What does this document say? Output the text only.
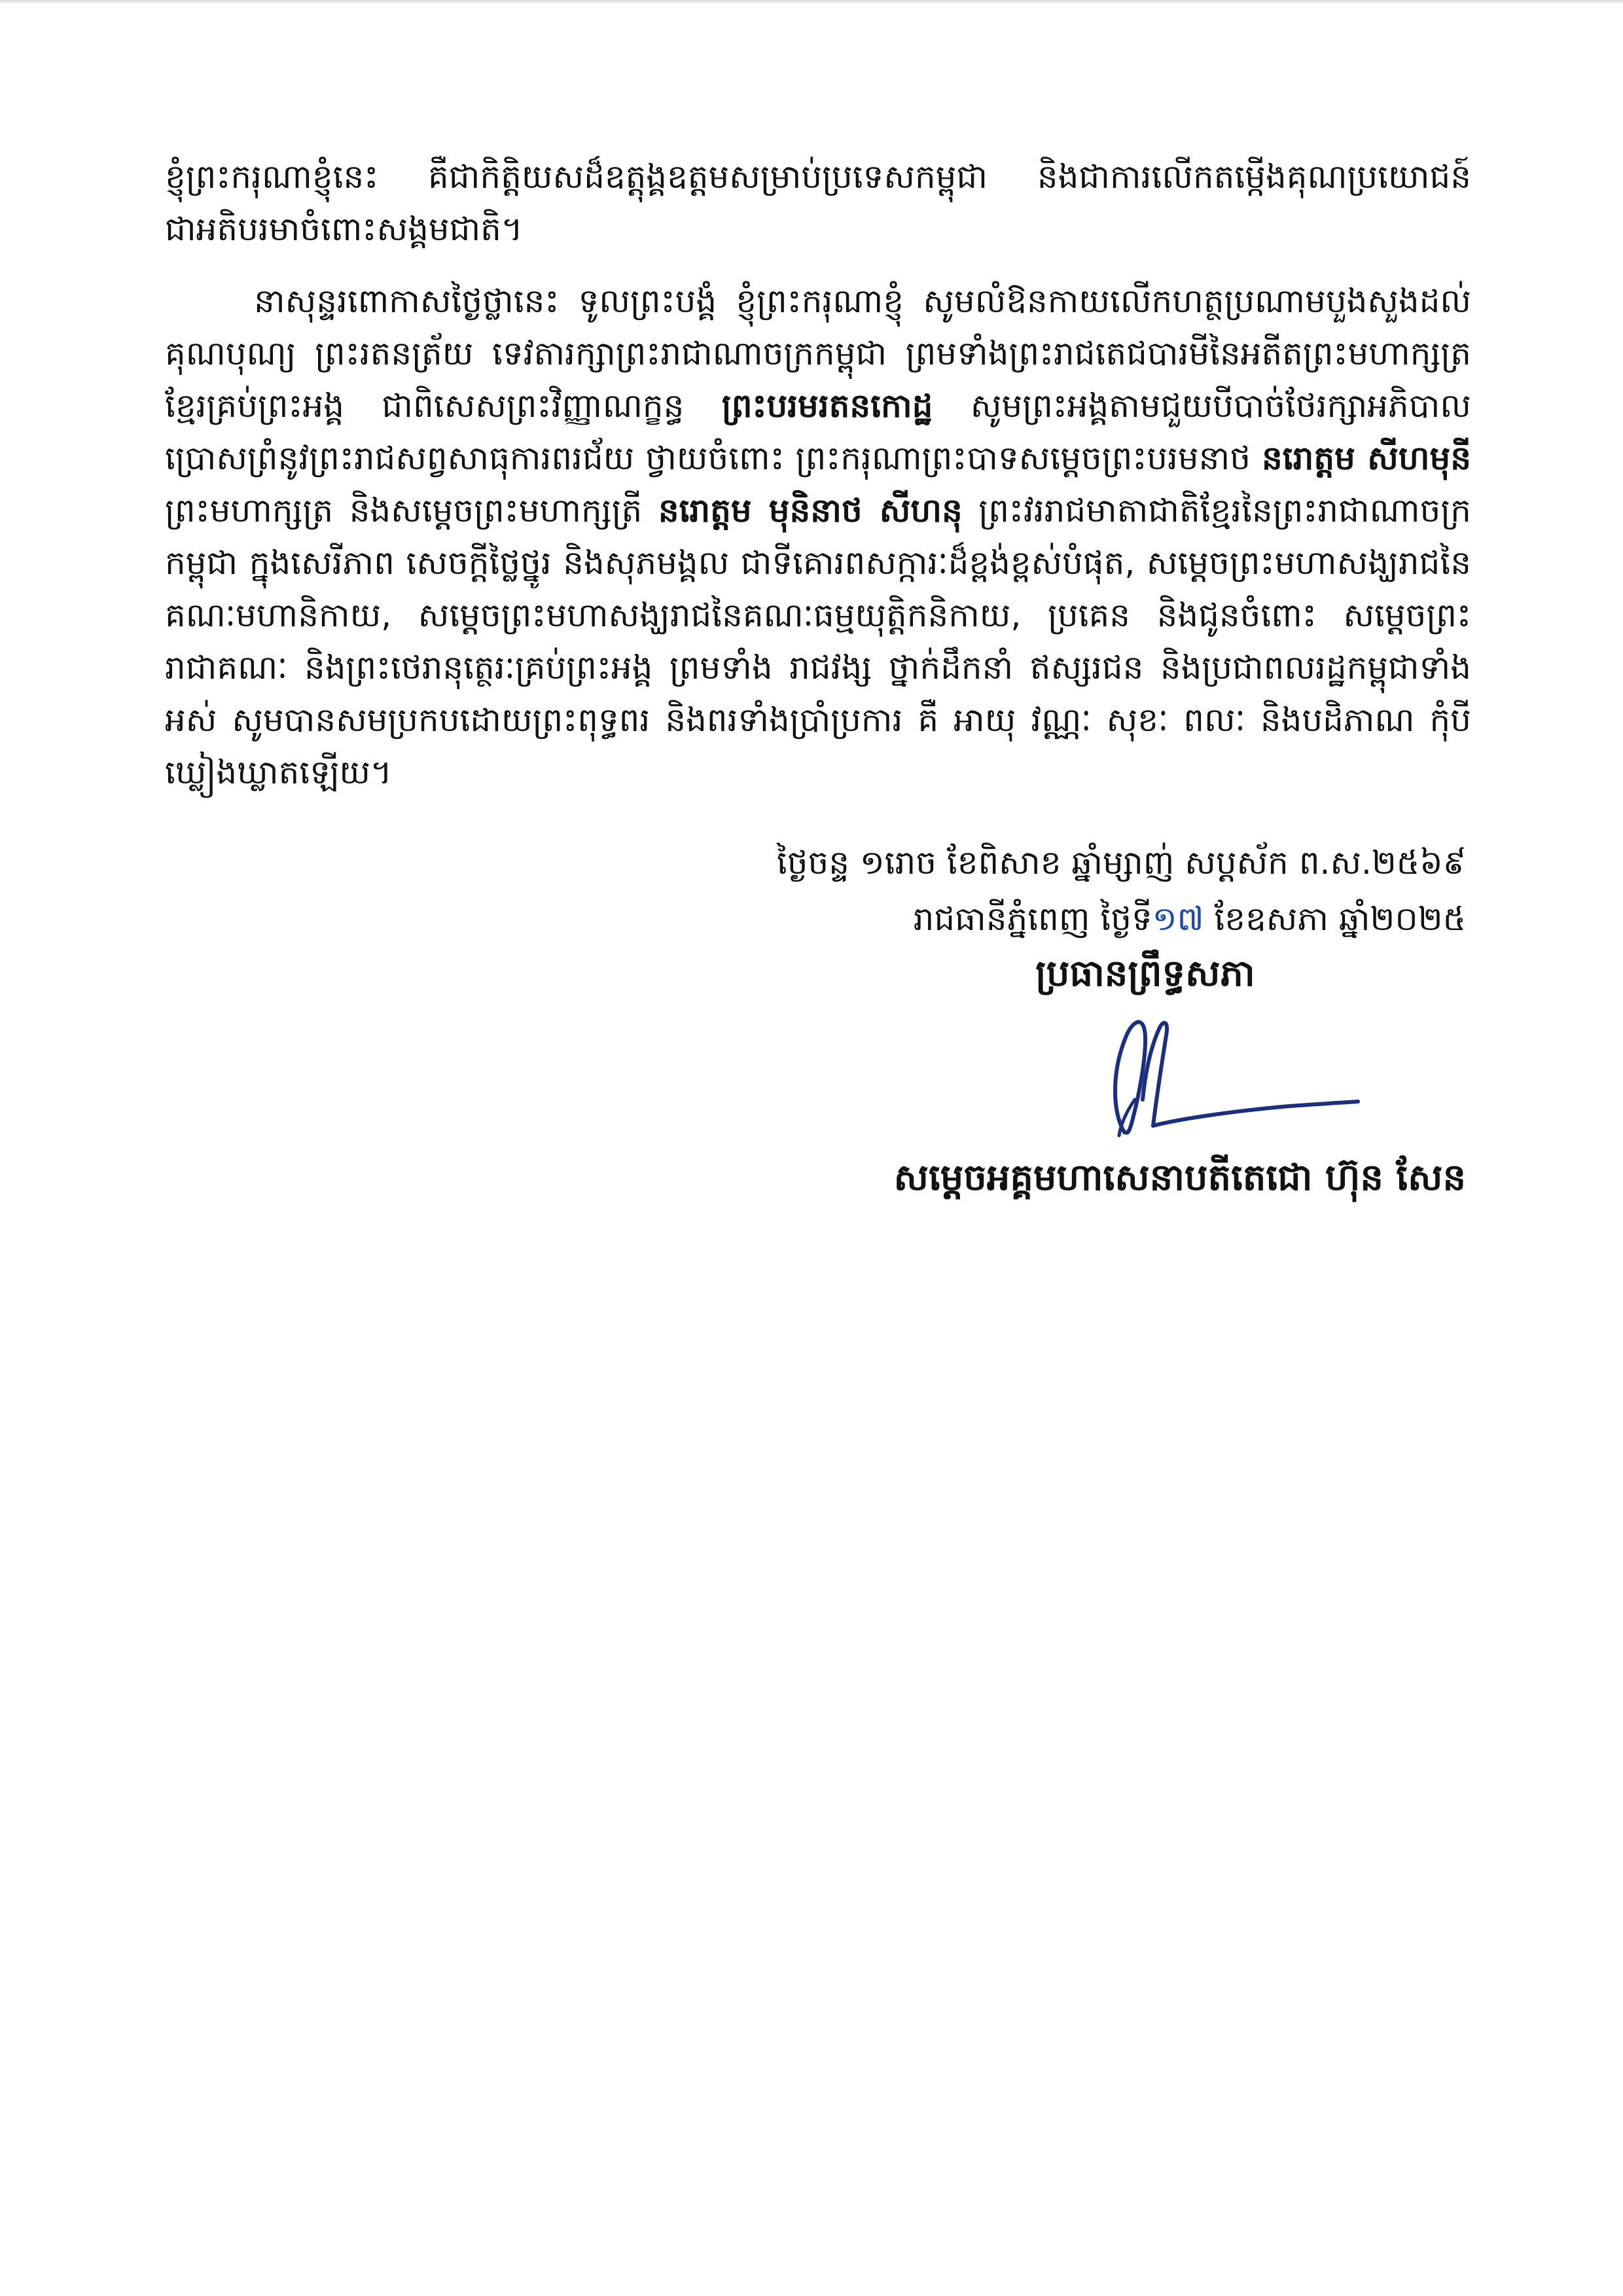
ខ្ញុំព្រះករុណាខ្ញុំនេះ គឺជាកិត្តិយសដ៏ឧត្តុង្គឧត្តមសម្រាប់ប្រទេសកម្ពុជា និងជាការលើកតម្កើងគុណប្រយោជន៍ជាអតិបរមាចំពោះសង្គមជាតិ។

នាសុន្ទរពោកាសថ្ងៃថ្លានេះ ទូលព្រះបង្គំ ខ្ញុំព្រះករុណាខ្ញុំ សូមលំឱនកាយលើកហត្ថប្រណាមបួងសួងដល់គុណបុណ្យ ព្រះរតនត្រ័យ ទេវតារក្សាព្រះរាជាណាចក្រកម្ពុជា ព្រមទាំងព្រះរាជតេជបារមីនៃអតីតព្រះមហាក្សត្រខ្មែរគ្រប់ព្រះអង្គ ជាពិសេសព្រះវិញ្ញាណក្ខន្ធ ព្រះបរមរតនកោដ្ឋ សូមព្រះអង្គតាមជួយបីបាច់ថែរក្សាអភិបាលប្រោសព្រំនូវព្រះរាជសព្វសាធុការពរជ័យ ថ្វាយចំពោះ ព្រះករុណាព្រះបាទសម្តេចព្រះបរមនាថ នរោត្តម សីហមុនី ព្រះមហាក្សត្រ និងសម្តេចព្រះមហាក្សត្រី នរោត្តម មុនិនាថ សីហនុ ព្រះវររាជមាតាជាតិខ្មែរនៃព្រះរាជាណាចក្រកម្ពុជា ក្នុងសេរីភាព សេចក្តីថ្លៃថ្នូរ និងសុភមង្គល ជាទីគោរពសក្ការៈដ៏ខ្ពង់ខ្ពស់បំផុត, សម្តេចព្រះមហាសង្ឃរាជនៃគណៈមហានិកាយ, សម្តេចព្រះមហាសង្ឃរាជនៃគណៈធម្មយុត្តិកនិកាយ, ប្រគេន និងជូនចំពោះ សម្តេចព្រះរាជាគណៈ និងព្រះថេរានុត្ថេរៈគ្រប់ព្រះអង្គ ព្រមទាំង រាជវង្ស ថ្នាក់ដឹកនាំ ឥស្សរជន និងប្រជាពលរដ្ឋកម្ពុជាទាំងអស់ សូមបានសមប្រកបដោយព្រះពុទ្ធពរ និងពរទាំងប្រាំប្រការ គឺ អាយុ វណ្ណៈ សុខៈ ពលៈ និងបដិភាណ កុំបីឃ្លៀងឃ្លាតឡើយ។

ថ្ងៃចន្ទ ១រោច ខែពិសាខ ឆ្នាំម្សាញ់ សប្តស័ក ព.ស.២៥៦៩
រាជធានីភ្នំពេញ ថ្ងៃទី១៧ ខែឧសភា ឆ្នាំ២០២៥
ប្រធានព្រឹទ្ធសភា
សម្តេចអគ្គមហាសេនាបតីតេជោ ហ៊ុន សែន
